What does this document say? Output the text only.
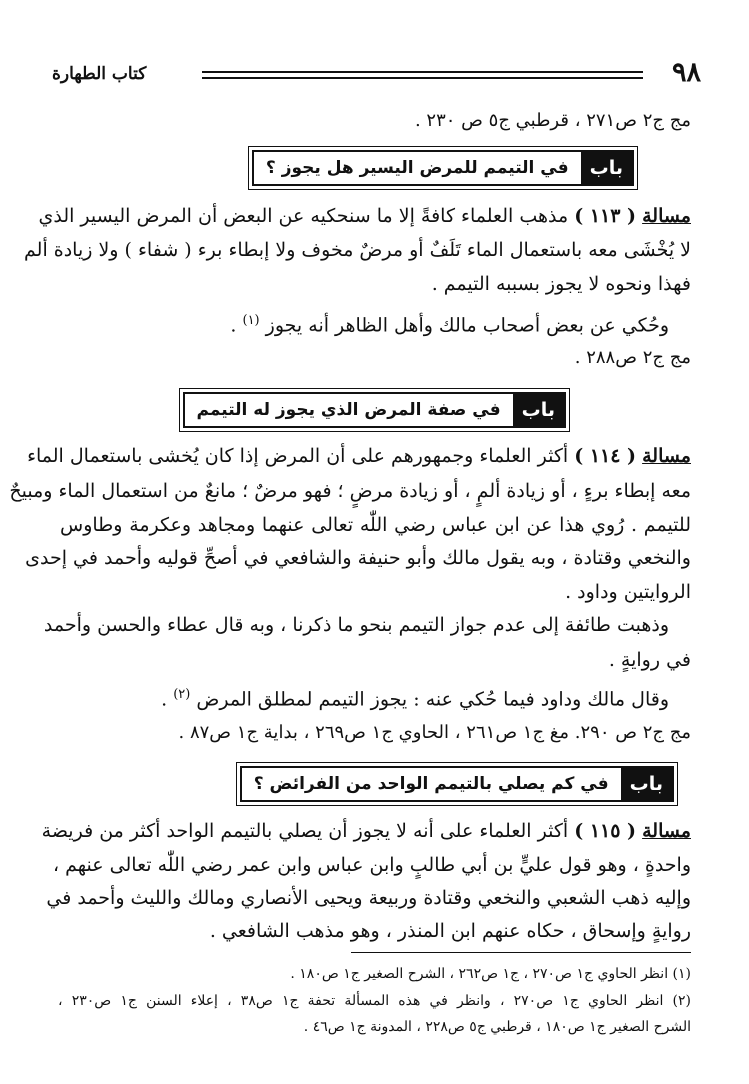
٩٨
كتاب الطهارة
مج ج٢ ص٢٧١ ، قرطبي ج٥ ص ٢٣٠ .
باب
في التيمم للمرض اليسير هل يجوز ؟
مسالة ( ١١٣ ) مذهب العلماء كافةً إلا ما سنحكيه عن البعض أن المرض اليسير الذي
لا يُخْشَى معه باستعمال الماء تَلَفٌ أو مرضٌ مخوف ولا إبطاء برء ( شفاء ) ولا زيادة ألم
فهذا ونحوه لا يجوز بسببه التيمم .
وحُكي عن بعض أصحاب مالك وأهل الظاهر أنه يجوز $^{(١)}$ .
مج ج٢ ص٢٨٨ .
باب
في صفة المرض الذي يجوز له التيمم
مسالة ( ١١٤ ) أكثر العلماء وجمهورهم على أن المرض إذا كان يُخشى باستعمال الماء
معه إبطاء برءٍ ، أو زيادة ألمٍ ، أو زيادة مرضٍ ؛ فهو مرضٌ ؛ مانعٌ من استعمال الماء ومبيحٌ
للتيمم . رُوي هذا عن ابن عباس رضي اللّٰه تعالى عنهما ومجاهد وعكرمة وطاوس
والنخعي وقتادة ، وبه يقول مالك وأبو حنيفة والشافعي في أصحِّ قوليه وأحمد في إحدى
الروايتين وداود .
وذهبت طائفة إلى عدم جواز التيمم بنحو ما ذكرنا ، وبه قال عطاء والحسن وأحمد
في روايةٍ .
وقال مالك وداود فيما حُكي عنه : يجوز التيمم لمطلق المرض $^{(٢)}$ .
مج ج٢ ص ٢٩٠. مغ ج١ ص٢٦١ ، الحاوي ج١ ص٢٦٩ ، بداية ج١ ص٨٧ .
باب
في كم يصلي بالتيمم الواحد من الفرائض ؟
مسالة ( ١١٥ ) أكثر العلماء على أنه لا يجوز أن يصلي بالتيمم الواحد أكثر من فريضة
واحدةٍ ، وهو قول عليٍّ بن أبي طالبٍ وابن عباس وابن عمر رضي اللّٰه تعالى عنهم ،
وإليه ذهب الشعبي والنخعي وقتادة وربيعة ويحيى الأنصاري ومالك والليث وأحمد في
روايةٍ وإسحاق ، حكاه عنهم ابن المنذر ، وهو مذهب الشافعي .
(١) انظر الحاوي ج١ ص٢٧٠ ، ج١ ص٢٦٢ ، الشرح الصغير ج١ ص١٨٠ .
(٢) انظر الحاوي ج١ ص٢٧٠ ، وانظر في هذه المسألة تحفة ج١ ص٣٨ ، إعلاء السنن ج١ ص٢٣٠ ،
الشرح الصغير ج١ ص١٨٠ ، قرطبي ج٥ ص٢٢٨ ، المدونة ج١ ص٤٦ .
